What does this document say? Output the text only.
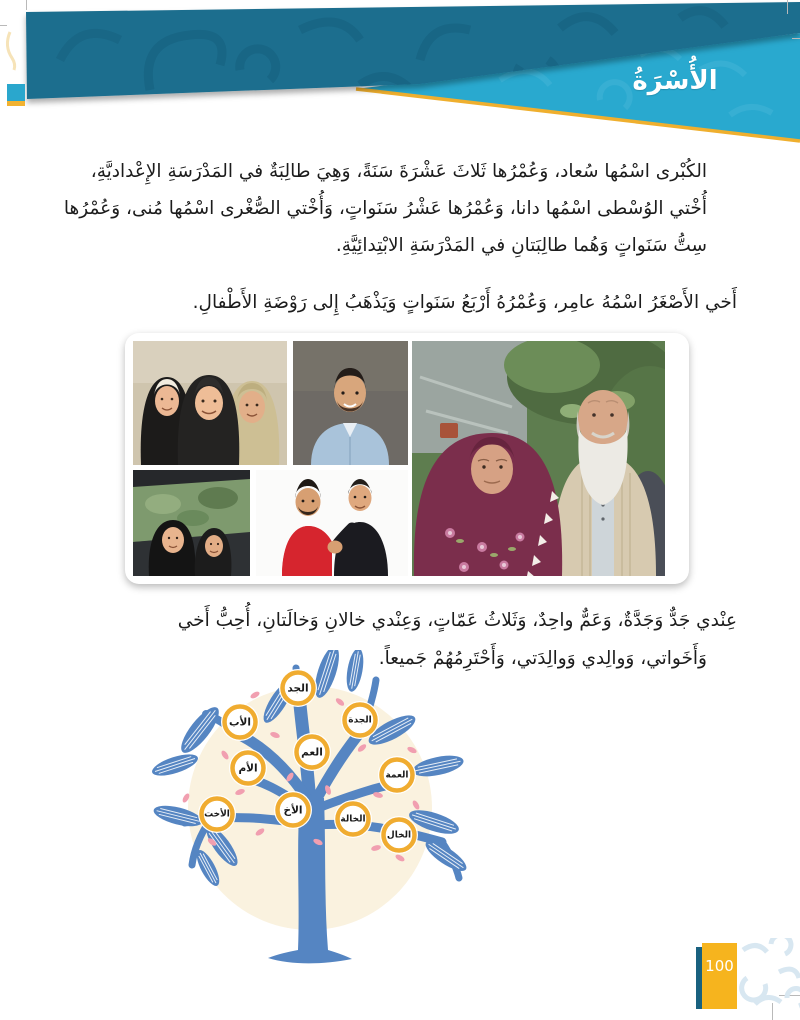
الأُسْرَةُ
الكُبْرى اسْمُها سُعاد، وَعُمْرُها ثَلاثَ عَشْرَةَ سَنَةً، وَهِيَ طالِبَةٌ في المَدْرَسَةِ الإِعْداديَّةِ،
أُخْتي الوُسْطى اسْمُها دانا، وَعُمْرُها عَشْرُ سَنَواتٍ، وَأُخْتي الصُّغْرى اسْمُها مُنى، وَعُمْرُها
سِتُّ سَنَواتٍ وَهُما طالِبَتانِ في المَدْرَسَةِ الابْتِدائِيَّةِ.
أَخي الأَصْغَرُ اسْمُهُ عامِر، وَعُمْرُهُ أَرْبَعُ سَنَواتٍ وَيَذْهَبُ إِلى رَوْضَةِ الأَطْفالِ.
عِنْدي جَدٌّ وَجَدَّةٌ، وَعَمٌّ واحِدٌ، وَثَلاثُ عَمّاتٍ، وَعِنْدي خالانِ وَخالَتانِ، أُحِبُّ أَخي
وَأَخَواتي، وَوالِدي وَوالِدَتي، وَأَحْتَرِمُهُمْ جَميعاً.
الجد
الأب	الجدة
العم
الأم
العمة
الأخت	الأخ
الخالة
الخال
100
